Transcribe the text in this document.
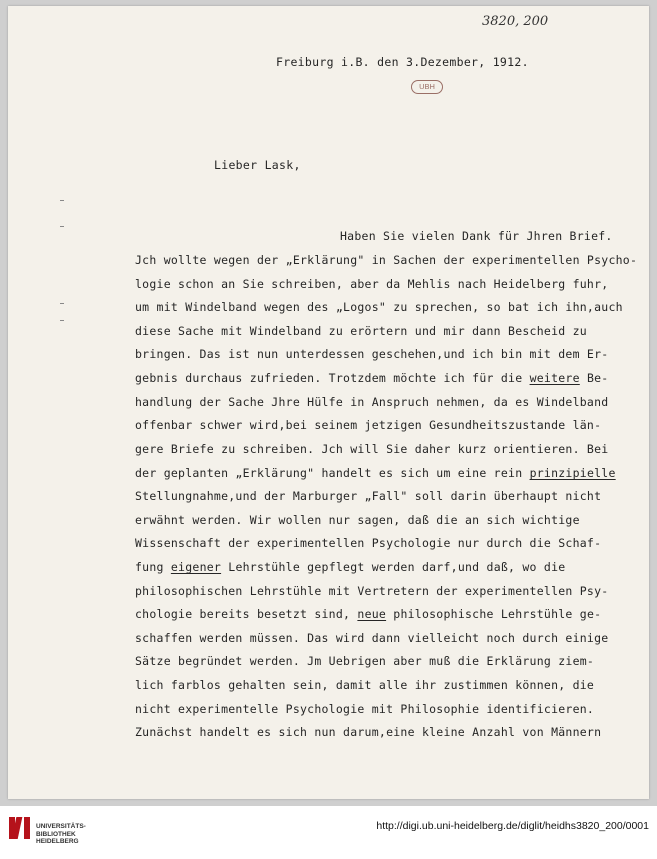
3820, 200
Freiburg i.B. den 3.Dezember, 1912.
UBH
Lieber Lask,
Haben Sie vielen Dank für Jhren Brief.
Jch wollte wegen der „Erklärung" in Sachen der experimentellen Psycho-
logie schon an Sie schreiben, aber da Mehlis nach Heidelberg fuhr,
um mit Windelband wegen des „Logos" zu sprechen, so bat ich ihn,auch
diese Sache mit Windelband zu erörtern und mir dann Bescheid zu
bringen. Das ist nun unterdessen geschehen,und ich bin mit dem Er-
gebnis durchaus zufrieden. Trotzdem möchte ich für die weitere Be-
handlung der Sache Jhre Hülfe in Anspruch nehmen, da es Windelband
offenbar schwer wird,bei seinem jetzigen Gesundheitszustande län-
gere Briefe zu schreiben. Jch will Sie daher kurz orientieren. Bei
der geplanten „Erklärung" handelt es sich um eine rein prinzipielle
Stellungnahme,und der Marburger „Fall" soll darin überhaupt nicht
erwähnt werden. Wir wollen nur sagen, daß die an sich wichtige
Wissenschaft der experimentellen Psychologie nur durch die Schaf-
fung eigener Lehrstühle gepflegt werden darf,und daß, wo die
philosophischen Lehrstühle mit Vertretern der experimentellen Psy-
chologie bereits besetzt sind, neue philosophische Lehrstühle ge-
schaffen werden müssen. Das wird dann vielleicht noch durch einige
Sätze begründet werden. Jm Uebrigen aber muß die Erklärung ziem-
lich farblos gehalten sein, damit alle ihr zustimmen können, die
nicht experimentelle Psychologie mit Philosophie identificieren.
Zunächst handelt es sich nun darum,eine kleine Anzahl von Männern
UNIVERSITÄTS-
BIBLIOTHEK
HEIDELBERG
http://digi.ub.uni-heidelberg.de/diglit/heidhs3820_200/0001
